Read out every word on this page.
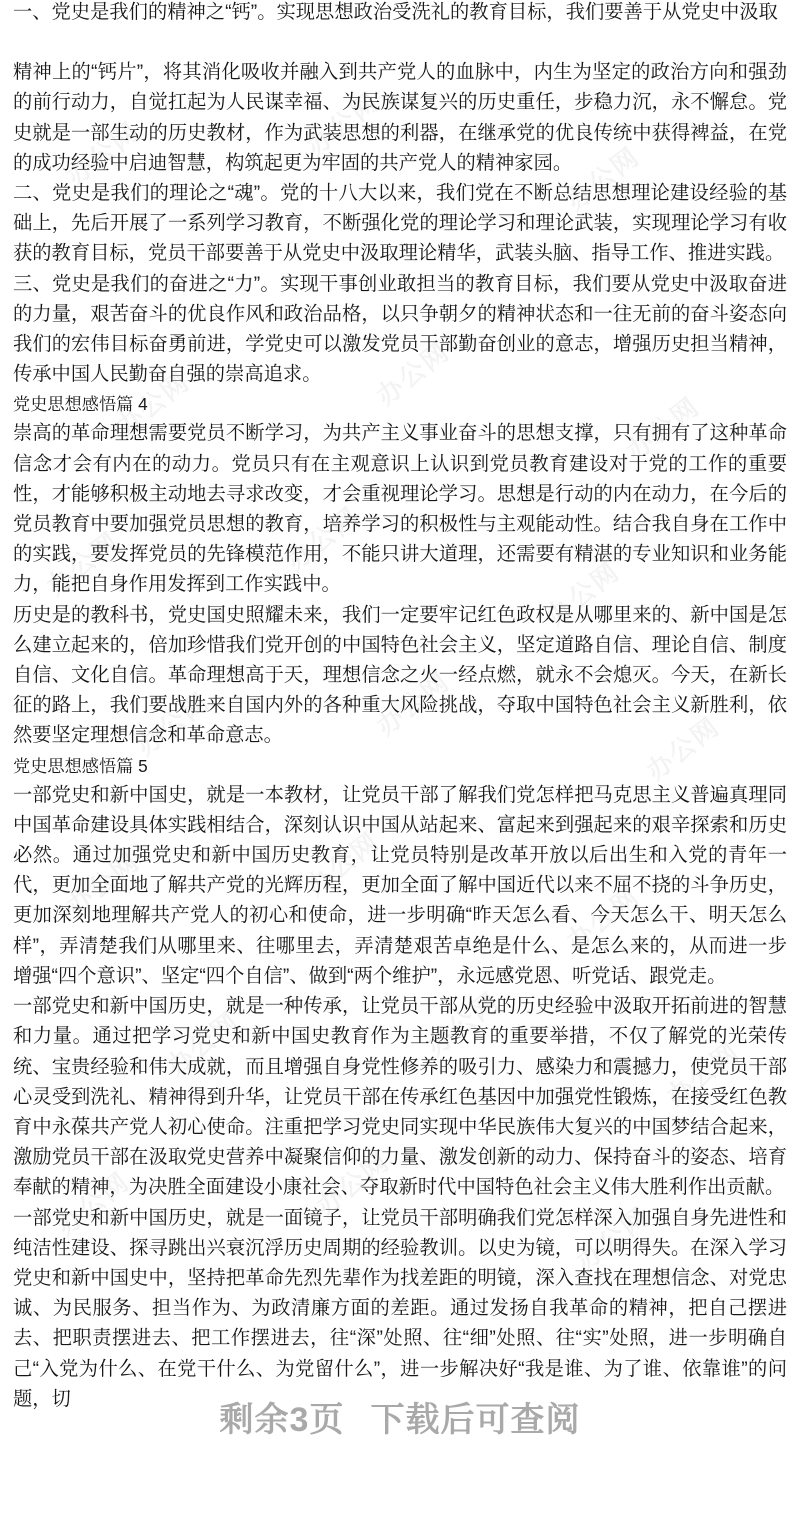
一、党史是我们的精神之“钙”。实现思想政治受洗礼的教育目标，我们要善于从党史中汲取

精神上的“钙片”，将其消化吸收并融入到共产党人的血脉中，内生为坚定的政治方向和强劲的前行动力，自觉扛起为人民谋幸福、为民族谋复兴的历史重任，步稳力沉，永不懈怠。党史就是一部生动的历史教材，作为武装思想的利器，在继承党的优良传统中获得裨益，在党的成功经验中启迪智慧，构筑起更为牢固的共产党人的精神家园。

二、党史是我们的理论之“魂”。党的十八大以来，我们党在不断总结思想理论建设经验的基础上，先后开展了一系列学习教育，不断强化党的理论学习和理论武装，实现理论学习有收获的教育目标，党员干部要善于从党史中汲取理论精华，武装头脑、指导工作、推进实践。

三、党史是我们的奋进之“力”。实现干事创业敢担当的教育目标，我们要从党史中汲取奋进的力量，艰苦奋斗的优良作风和政治品格，以只争朝夕的精神状态和一往无前的奋斗姿态向我们的宏伟目标奋勇前进，学党史可以激发党员干部勤奋创业的意志，增强历史担当精神，传承中国人民勤奋自强的崇高追求。

党史思想感悟篇 4

崇高的革命理想需要党员不断学习，为共产主义事业奋斗的思想支撑，只有拥有了这种革命信念才会有内在的动力。党员只有在主观意识上认识到党员教育建设对于党的工作的重要性，才能够积极主动地去寻求改变，才会重视理论学习。思想是行动的内在动力，在今后的党员教育中要加强党员思想的教育，培养学习的积极性与主观能动性。结合我自身在工作中的实践，要发挥党员的先锋模范作用，不能只讲大道理，还需要有精湛的专业知识和业务能力，能把自身作用发挥到工作实践中。

历史是的教科书，党史国史照耀未来，我们一定要牢记红色政权是从哪里来的、新中国是怎么建立起来的，倍加珍惜我们党开创的中国特色社会主义，坚定道路自信、理论自信、制度自信、文化自信。革命理想高于天，理想信念之火一经点燃，就永不会熄灭。今天，在新长征的路上，我们要战胜来自国内外的各种重大风险挑战，夺取中国特色社会主义新胜利，依然要坚定理想信念和革命意志。

党史思想感悟篇 5

一部党史和新中国史，就是一本教材，让党员干部了解我们党怎样把马克思主义普遍真理同中国革命建设具体实践相结合，深刻认识中国从站起来、富起来到强起来的艰辛探索和历史必然。通过加强党史和新中国历史教育，让党员特别是改革开放以后出生和入党的青年一代，更加全面地了解共产党的光辉历程，更加全面了解中国近代以来不屈不挠的斗争历史，更加深刻地理解共产党人的初心和使命，进一步明确“昨天怎么看、今天怎么干、明天怎么样”，弄清楚我们从哪里来、往哪里去，弄清楚艰苦卓绝是什么、是怎么来的，从而进一步增强“四个意识”、坚定“四个自信”、做到“两个维护”，永远感党恩、听党话、跟党走。

一部党史和新中国历史，就是一种传承，让党员干部从党的历史经验中汲取开拓前进的智慧和力量。通过把学习党史和新中国史教育作为主题教育的重要举措，不仅了解党的光荣传统、宝贵经验和伟大成就，而且增强自身党性修养的吸引力、感染力和震撼力，使党员干部心灵受到洗礼、精神得到升华，让党员干部在传承红色基因中加强党性锻炼，在接受红色教育中永葆共产党人初心使命。注重把学习党史同实现中华民族伟大复兴的中国梦结合起来，激励党员干部在汲取党史营养中凝聚信仰的力量、激发创新的动力、保持奋斗的姿态、培育奉献的精神，为决胜全面建设小康社会、夺取新时代中国特色社会主义伟大胜利作出贡献。

一部党史和新中国历史，就是一面镜子，让党员干部明确我们党怎样深入加强自身先进性和纯洁性建设、探寻跳出兴衰沉浮历史周期的经验教训。以史为镜，可以明得失。在深入学习党史和新中国史中，坚持把革命先烈先辈作为找差距的明镜，深入查找在理想信念、对党忠诚、为民服务、担当作为、为政清廉方面的差距。通过发扬自我革命的精神，把自己摆进去、把职责摆进去、把工作摆进去，往“深”处照、往“细”处照、往“实”处照，进一步明确自己“入党为什么、在党干什么、为党留什么”，进一步解决好“我是谁、为了谁、依靠谁”的问题，切

剩余3页 下载后可查阅
